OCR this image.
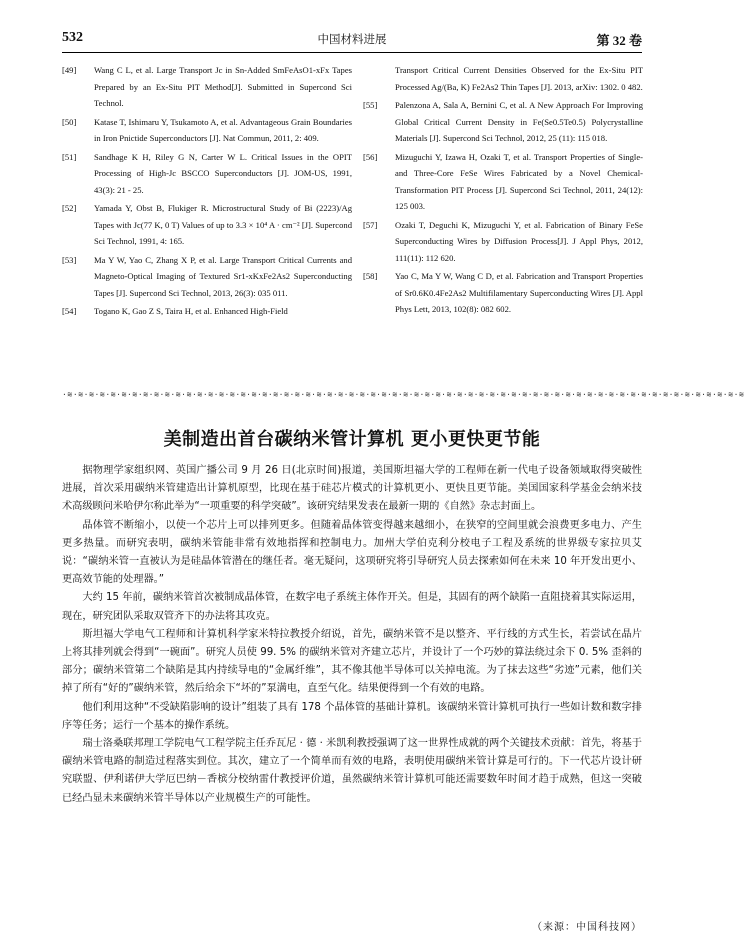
532	中国材料进展	第 32 卷
[49] Wang C L, et al. Large Transport Jc in Sn-Added SmFeAsO1-xFx Tapes Prepared by an Ex-Situ PIT Method[J]. Submitted in Supercond Sci Technol.
[50] Katase T, Ishimaru Y, Tsukamoto A, et al. Advantageous Grain Boundaries in Iron Pnictide Superconductors [J]. Nat Commun, 2011, 2: 409.
[51] Sandhage K H, Riley G N, Carter W L. Critical Issues in the OPIT Processing of High-Jc BSCCO Superconductors [J]. JOM-US, 1991, 43(3): 21 - 25.
[52] Yamada Y, Obst B, Flukiger R. Microstructural Study of Bi (2223)/Ag Tapes with Jc(77 K, 0 T) Values of up to 3.3 × 10⁴ A · cm⁻² [J]. Supercond Sci Technol, 1991, 4: 165.
[53] Ma Y W, Yao C, Zhang X P, et al. Large Transport Critical Currents and Magneto-Optical Imaging of Textured Sr1-xKxFe2As2 Superconducting Tapes [J]. Supercond Sci Technol, 2013, 26(3): 035 011.
[54] Togano K, Gao Z S, Taira H, et al. Enhanced High-Field
Transport Critical Current Densities Observed for the Ex-Situ PIT Processed Ag/(Ba, K) Fe2As2 Thin Tapes [J]. 2013, arXiv: 1302. 0 482.
[55] Palenzona A, Sala A, Bernini C, et al. A New Approach For Improving Global Critical Current Density in Fe(Se0.5Te0.5) Polycrystalline Materials [J]. Supercond Sci Technol, 2012, 25 (11): 115 018.
[56] Mizuguchi Y, Izawa H, Ozaki T, et al. Transport Properties of Single-and Three-Core FeSe Wires Fabricated by a Novel Chemical-Transformation PIT Process [J]. Supercond Sci Technol, 2011, 24(12): 125 003.
[57] Ozaki T, Deguchi K, Mizuguchi Y, et al. Fabrication of Binary FeSe Superconducting Wires by Diffusion Process[J]. J Appl Phys, 2012, 111(11): 112 620.
[58] Yao C, Ma Y W, Wang C D, et al. Fabrication and Transport Properties of Sr0.6K0.4Fe2As2 Multifilamentary Superconducting Wires [J]. Appl Phys Lett, 2013, 102(8): 082 602.
·≋·≋·≋·≋·≋·≋·≋·≋·≋·≋·≋·≋·≋·≋·≋·≋·≋·≋·≋·≋·≋·≋·≋·≋·≋·≋·≋·≋·≋·≋·≋·≋·≋·≋·≋·≋·≋·≋·≋·≋·≋·≋·≋·≋·≋·≋·≋·≋·≋·≋·≋·≋·≋·≋·≋·≋·≋·≋·≋·≋·≋·≋·≋
美制造出首台碳纳米管计算机 更小更快更节能

据物理学家组织网、英国广播公司 9 月 26 日(北京时间)报道，美国斯坦福大学的工程师在新一代电子设备领域取得突破性进展，首次采用碳纳米管建造出计算机原型，比现在基于硅芯片模式的计算机更小、更快且更节能。美国国家科学基金会纳米技术高级顾问米哈伊尔称此举为“一项重要的科学突破”。该研究结果发表在最新一期的《自然》杂志封面上。

晶体管不断缩小，以使一个芯片上可以排列更多。但随着晶体管变得越来越细小，在狭窄的空间里就会浪费更多电力、产生更多热量。而研究表明，碳纳米管能非常有效地指挥和控制电力。加州大学伯克利分校电子工程及系统的世界级专家拉贝艾说：“碳纳米管一直被认为是硅晶体管潜在的继任者。毫无疑问，这项研究将引导研究人员去探索如何在未来 10 年开发出更小、更高效节能的处理器。”

大约 15 年前，碳纳米管首次被制成晶体管，在数字电子系统主体作开关。但是，其固有的两个缺陷一直阻挠着其实际运用，现在，研究团队采取双管齐下的办法将其攻克。

斯坦福大学电气工程师和计算机科学家米特拉教授介绍说，首先，碳纳米管不是以整齐、平行线的方式生长，若尝试在晶片上将其排列就会得到“一碗面”。研究人员使 99. 5% 的碳纳米管对齐建立芯片，并设计了一个巧妙的算法绕过余下 0. 5% 歪斜的部分；碳纳米管第二个缺陷是其内持续导电的“金属纤维”，其不像其他半导体可以关掉电流。为了抹去这些“劣迹”元素，他们关掉了所有“好的”碳纳米管，然后给余下“坏的”泵满电，直至气化。结果便得到一个有效的电路。

他们利用这种“不受缺陷影响的设计”组装了具有 178 个晶体管的基础计算机。该碳纳米管计算机可执行一些如计数和数字排序等任务；运行一个基本的操作系统。

瑞士洛桑联邦理工学院电气工程学院主任乔瓦尼 · 德 · 米凯利教授强调了这一世界性成就的两个关键技术贡献：首先，将基于碳纳米管电路的制造过程落实到位。其次，建立了一个简单而有效的电路，表明使用碳纳米管计算是可行的。下一代芯片设计研究联盟、伊利诺伊大学厄巴纳－香槟分校纳雷什教授评价道，虽然碳纳米管计算机可能还需要数年时间才趋于成熟，但这一突破已经凸显未来碳纳米管半导体以产业规模生产的可能性。

（来源：中国科技网）
